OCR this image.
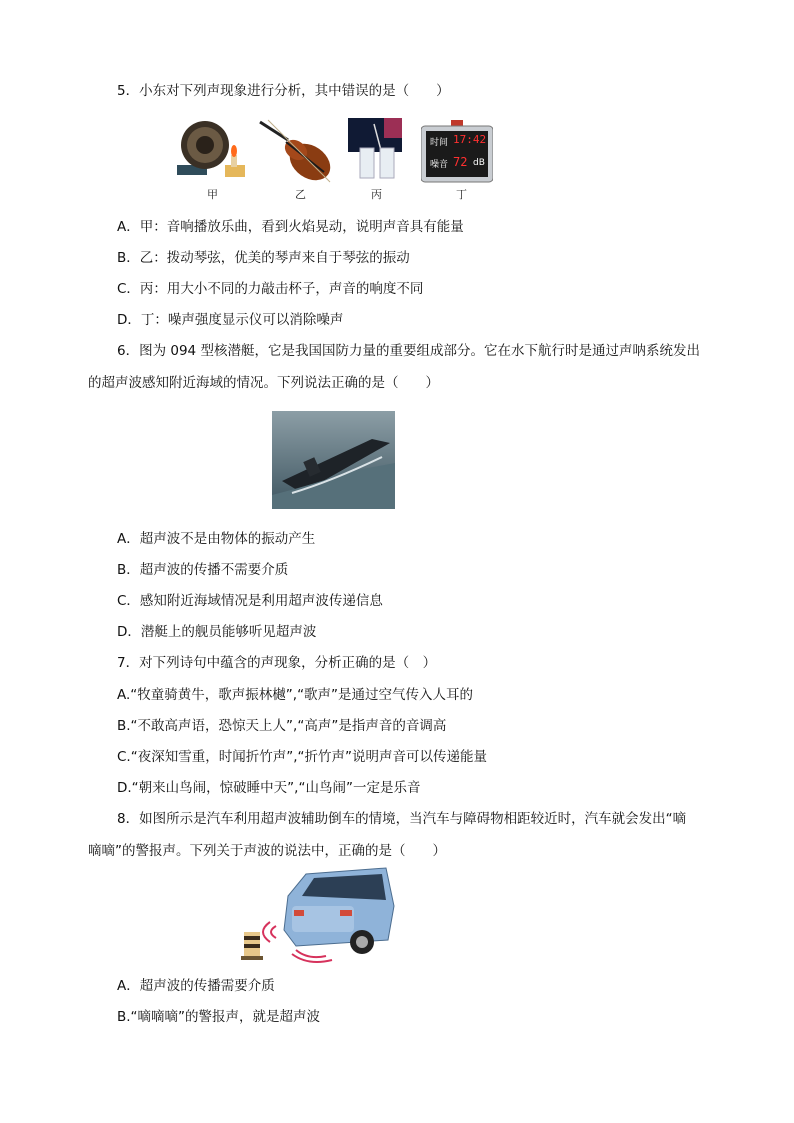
5．小东对下列声现象进行分析，其中错误的是（　　）
时间 17:42
噪音 72 dB
甲	乙	丙	丁
A．甲：音响播放乐曲，看到火焰晃动，说明声音具有能量
B．乙：拨动琴弦，优美的琴声来自于琴弦的振动
C．丙：用大小不同的力敲击杯子，声音的响度不同
D．丁：噪声强度显示仪可以消除噪声
6．图为 094 型核潜艇，它是我国国防力量的重要组成部分。它在水下航行时是通过声呐系统发出
的超声波感知附近海域的情况。下列说法正确的是（　　）
A．超声波不是由物体的振动产生
B．超声波的传播不需要介质
C．感知附近海域情况是利用超声波传递信息
D．潜艇上的舰员能够听见超声波
7．对下列诗句中蕴含的声现象，分析正确的是（　）
A.“牧童骑黄牛，歌声振林樾”,“歌声”是通过空气传入人耳的
B.“不敢高声语，恐惊天上人”,“高声”是指声音的音调高
C.“夜深知雪重，时闻折竹声”,“折竹声”说明声音可以传递能量
D.“朝来山鸟闹，惊破睡中天”,“山鸟闹”一定是乐音
8．如图所示是汽车利用超声波辅助倒车的情境，当汽车与障碍物相距较近时，汽车就会发出“嘀
嘀嘀”的警报声。下列关于声波的说法中，正确的是（　　）
A．超声波的传播需要介质
B.“嘀嘀嘀”的警报声，就是超声波
